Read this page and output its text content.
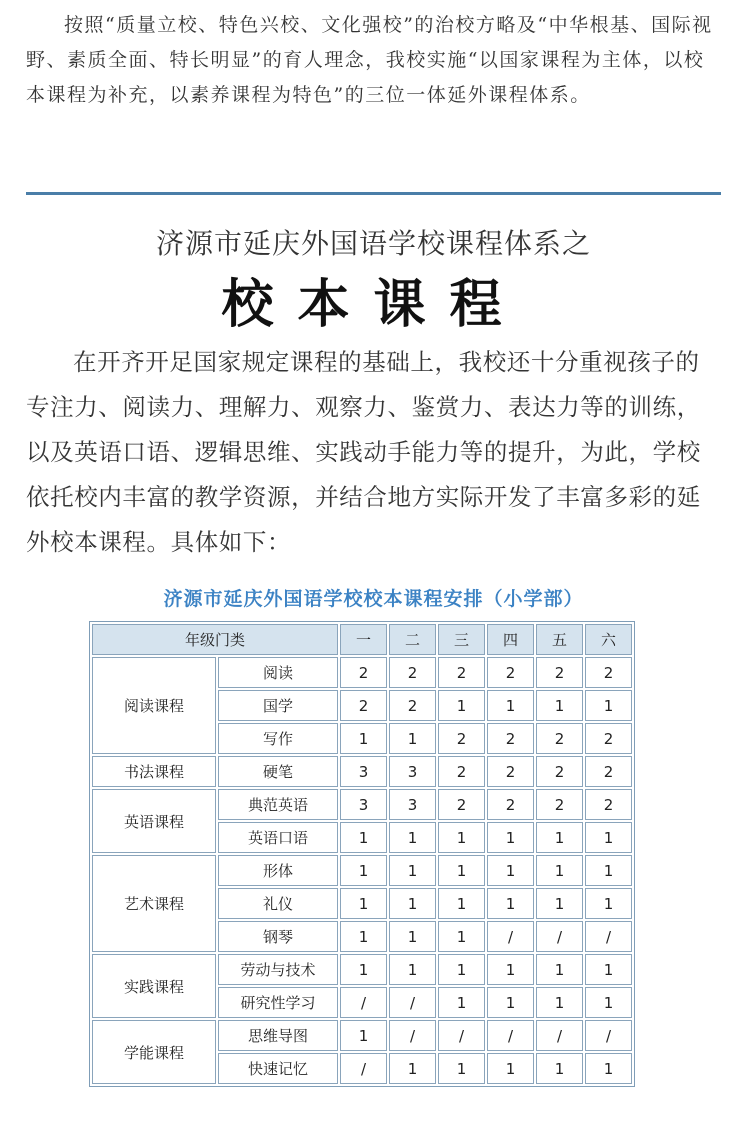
按照“质量立校、特色兴校、文化强校”的治校方略及“中华根基、国际视野、素质全面、特长明显”的育人理念，我校实施“以国家课程为主体，以校本课程为补充，以素养课程为特色”的三位一体延外课程体系。

济源市延庆外国语学校课程体系之
校本课程

在开齐开足国家规定课程的基础上，我校还十分重视孩子的专注力、阅读力、理解力、观察力、鉴赏力、表达力等的训练，以及英语口语、逻辑思维、实践动手能力等的提升，为此，学校依托校内丰富的教学资源，并结合地方实际开发了丰富多彩的延外校本课程。具体如下：

济源市延庆外国语学校校本课程安排（小学部）
年级门类		一	二	三	四	五	六
阅读课程	阅读	2	2	2	2	2	2
	国学	2	2	1	1	1	1
	写作	1	1	2	2	2	2
书法课程	硬笔	3	3	2	2	2	2
英语课程	典范英语	3	3	2	2	2	2
	英语口语	1	1	1	1	1	1
艺术课程	形体	1	1	1	1	1	1
	礼仪	1	1	1	1	1	1
	钢琴	1	1	1	/	/	/
实践课程	劳动与技术	1	1	1	1	1	1
	研究性学习	/	/	1	1	1	1
学能课程	思维导图	1	/	/	/	/	/
	快速记忆	/	1	1	1	1	1
